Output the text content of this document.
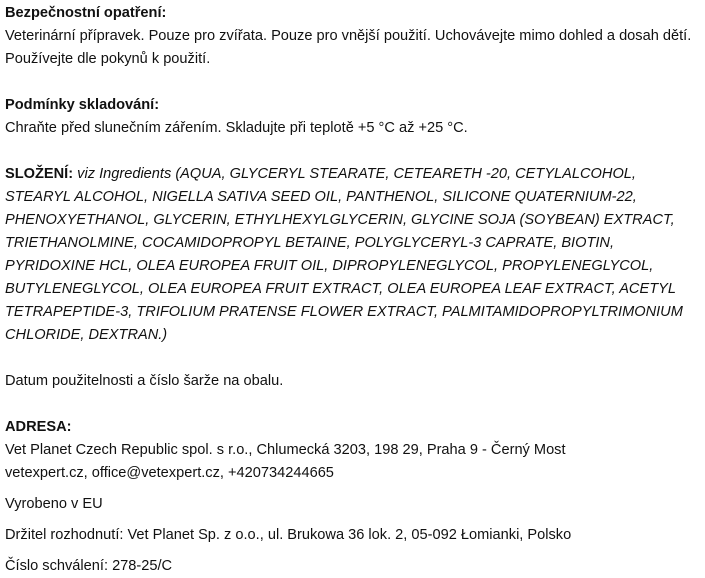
Bezpečnostní opatření:
Veterinární přípravek. Pouze pro zvířata. Pouze pro vnější použití. Uchovávejte mimo dohled a dosah dětí. Používejte dle pokynů k použití.
Podmínky skladování:
Chraňte před slunečním zářením. Skladujte při teplotě +5 °C až +25 °C.
SLOŽENÍ: viz Ingredients (AQUA, GLYCERYL STEARATE, CETEARETH -20, CETYLALCOHOL, STEARYL ALCOHOL, NIGELLA SATIVA SEED OIL, PANTHENOL, SILICONE QUATERNIUM-22, PHENOXYETHANOL, GLYCERIN, ETHYLHEXYLGLYCERIN, GLYCINE SOJA (SOYBEAN) EXTRACT, TRIETHANOLMINE, COCAMIDOPROPYL BETAINE, POLYGLYCERYL-3 CAPRATE, BIOTIN, PYRIDOXINE HCL, OLEA EUROPEA FRUIT OIL, DIPROPYLENEGLYCOL, PROPYLENEGLYCOL, BUTYLENEGLYCOL, OLEA EUROPEA FRUIT EXTRACT, OLEA EUROPEA LEAF EXTRACT, ACETYL TETRAPEPTIDE-3, TRIFOLIUM PRATENSE FLOWER EXTRACT, PALMITAMIDOPROPYLTRIMONIUM CHLORIDE, DEXTRAN.)
Datum použitelnosti a číslo šarže na obalu.
ADRESA:
Vet Planet Czech Republic spol. s r.o., Chlumecká 3203, 198 29, Praha 9 - Černý Most
vetexpert.cz, office@vetexpert.cz, +420734244665
Vyrobeno v EU
Držitel rozhodnutí: Vet Planet Sp. z o.o., ul. Brukowa 36 lok. 2, 05-092 Łomianki, Polsko
Číslo schválení: 278-25/C
